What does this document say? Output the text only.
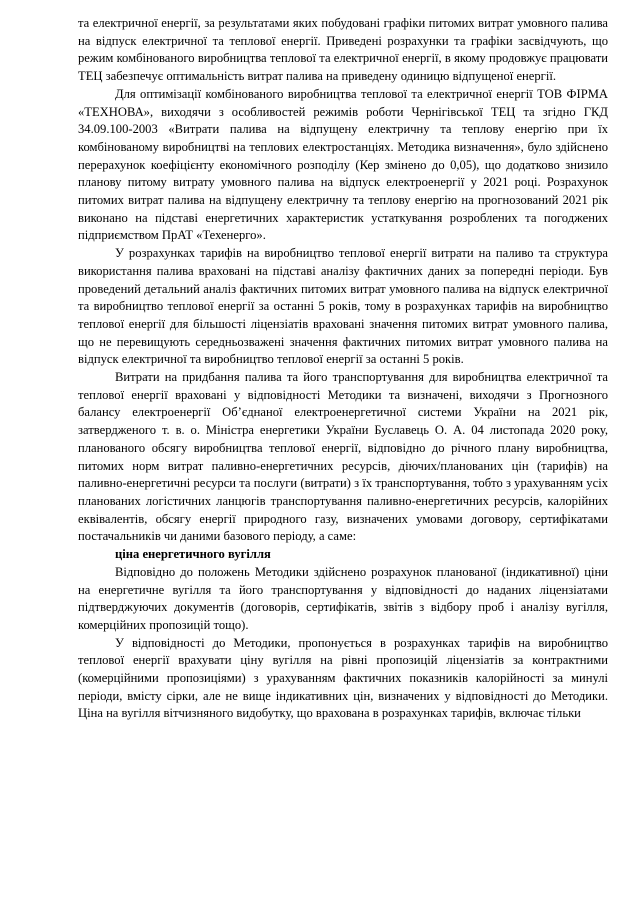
та електричної енергії, за результатами яких побудовані графіки питомих витрат умовного палива на відпуск електричної та теплової енергії. Приведені розрахунки та графіки засвідчують, що режим комбінованого виробництва теплової та електричної енергії, в якому продовжує працювати ТЕЦ забезпечує оптимальність витрат палива на приведену одиницю відпущеної енергії.

Для оптимізації комбінованого виробництва теплової та електричної енергії ТОВ ФІРМА «ТЕХНОВА», виходячи з особливостей режимів роботи Чернігівської ТЕЦ та згідно ГКД 34.09.100-2003 «Витрати палива на відпущену електричну та теплову енергію при їх комбінованому виробництві на теплових електростанціях. Методика визначення», було здійснено перерахунок коефіцієнту економічного розподілу (Кер змінено до 0,05), що додатково знизило планову питому витрату умовного палива на відпуск електроенергії у 2021 році. Розрахунок питомих витрат палива на відпущену електричну та теплову енергію на прогнозований 2021 рік виконано на підставі енергетичних характеристик устаткування розроблених та погоджених підприємством ПрАТ «Техенерго».

У розрахунках тарифів на виробництво теплової енергії витрати на паливо та структура використання палива враховані на підставі аналізу фактичних даних за попередні періоди. Був проведений детальний аналіз фактичних питомих витрат умовного палива на відпуск електричної та виробництво теплової енергії за останні 5 років, тому в розрахунках тарифів на виробництво теплової енергії для більшості ліцензіатів враховані значення питомих витрат умовного палива, що не перевищують середньозважені значення фактичних питомих витрат умовного палива на відпуск електричної та виробництво теплової енергії за останні 5 років.

Витрати на придбання палива та його транспортування для виробництва електричної та теплової енергії враховані у відповідності Методики та визначені, виходячи з Прогнозного балансу електроенергії Об’єднаної електроенергетичної системи України на 2021 рік, затвердженого т. в. о. Міністра енергетики України Буславець О. А. 04 листопада 2020 року, планованого обсягу виробництва теплової енергії, відповідно до річного плану виробництва, питомих норм витрат паливно-енергетичних ресурсів, діючих/планованих цін (тарифів) на паливно-енергетичні ресурси та послуги (витрати) з їх транспортування, тобто з урахуванням усіх планованих логістичних ланцюгів транспортування паливно-енергетичних ресурсів, калорійних еквівалентів, обсягу енергії природного газу, визначених умовами договору, сертифікатами постачальників чи даними базового періоду, а саме:

ціна енергетичного вугілля

Відповідно до положень Методики здійснено розрахунок планованої (індикативної) ціни на енергетичне вугілля та його транспортування у відповідності до наданих ліцензіатами підтверджуючих документів (договорів, сертифікатів, звітів з відбору проб і аналізу вугілля, комерційних пропозицій тощо).

У відповідності до Методики, пропонується в розрахунках тарифів на виробництво теплової енергії врахувати ціну вугілля на рівні пропозицій ліцензіатів за контрактними (комерційними пропозиціями) з урахуванням фактичних показників калорійності за минулі періоди, вмісту сірки, але не вище індикативних цін, визначених у відповідності до Методики. Ціна на вугілля вітчизняного видобутку, що врахована в розрахунках тарифів, включає тільки
